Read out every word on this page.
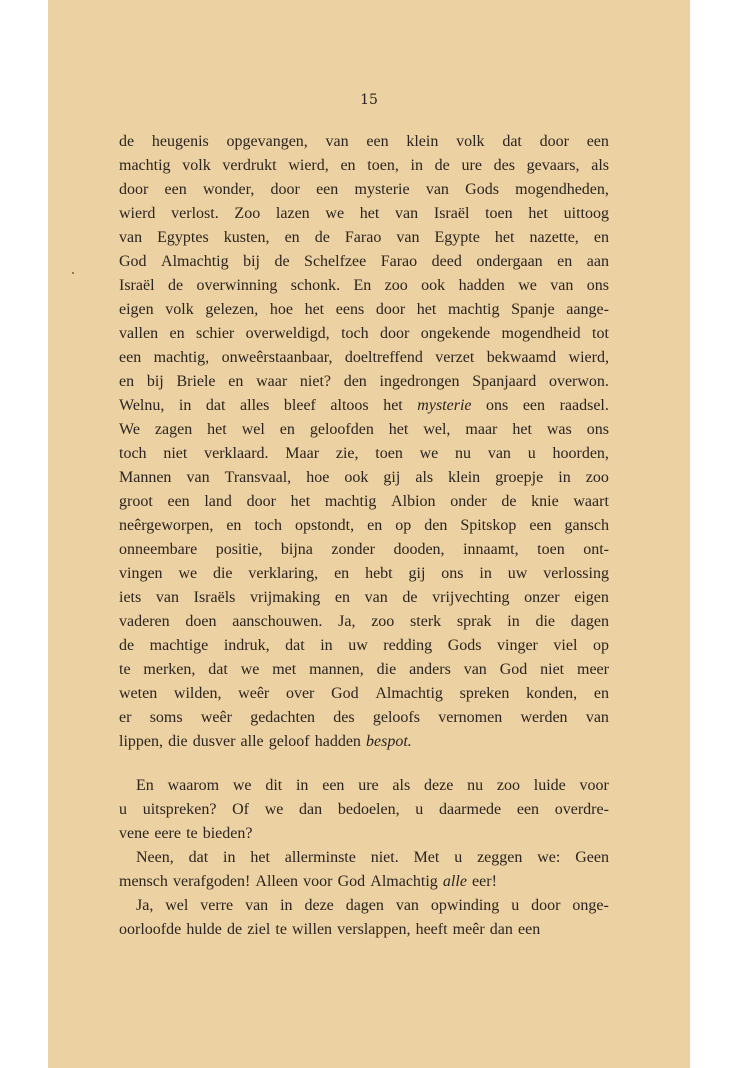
15
de heugenis opgevangen, van een klein volk dat door een
machtig volk verdrukt wierd, en toen, in de ure des gevaars, als
door een wonder, door een mysterie van Gods mogendheden,
wierd verlost. Zoo lazen we het van Israël toen het uittoog
van Egyptes kusten, en de Farao van Egypte het nazette, en
God Almachtig bij de Schelfzee Farao deed ondergaan en aan
Israël de overwinning schonk. En zoo ook hadden we van ons
eigen volk gelezen, hoe het eens door het machtig Spanje aange-
vallen en schier overweldigd, toch door ongekende mogendheid tot
een machtig, onweêrstaanbaar, doeltreffend verzet bekwaamd wierd,
en bij Briele en waar niet? den ingedrongen Spanjaard overwon.
Welnu, in dat alles bleef altoos het mysterie ons een raadsel.
We zagen het wel en geloofden het wel, maar het was ons
toch niet verklaard. Maar zie, toen we nu van u hoorden,
Mannen van Transvaal, hoe ook gij als klein groepje in zoo
groot een land door het machtig Albion onder de knie waart
neêrgeworpen, en toch opstondt, en op den Spitskop een gansch
onneembare positie, bijna zonder dooden, innaamt, toen ont-
vingen we die verklaring, en hebt gij ons in uw verlossing
iets van Israëls vrijmaking en van de vrijvechting onzer eigen
vaderen doen aanschouwen. Ja, zoo sterk sprak in die dagen
de machtige indruk, dat in uw redding Gods vinger viel op
te merken, dat we met mannen, die anders van God niet meer
weten wilden, weêr over God Almachtig spreken konden, en
er soms weêr gedachten des geloofs vernomen werden van
lippen, die dusver alle geloof hadden bespot.
En waarom we dit in een ure als deze nu zoo luide voor
u uitspreken? Of we dan bedoelen, u daarmede een overdre-
vene eere te bieden?
Neen, dat in het allerminste niet. Met u zeggen we: Geen
mensch verafgoden! Alleen voor God Almachtig alle eer!
Ja, wel verre van in deze dagen van opwinding u door onge-
oorloofde hulde de ziel te willen verslappen, heeft meêr dan een
